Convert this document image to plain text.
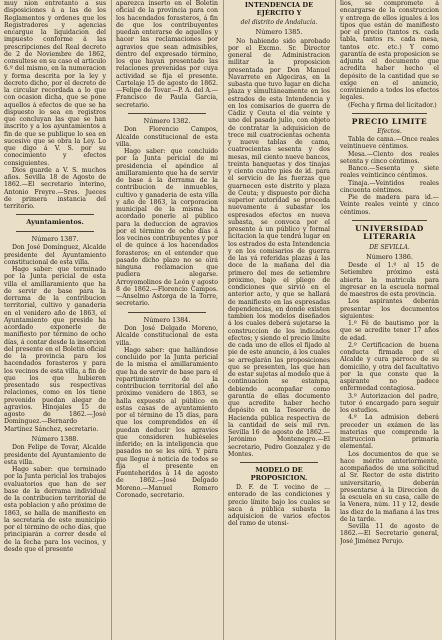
muy nion entretanto a sus disposiciones á a las de los Reglamentos y ordenes que los Registradores y agencias encargue la liquidacion del impuesto conforme á las prescripciones del Real decreto de 2 de Noviembre de 1862, consultese en su caso el articulo 6.º del mismo, en la numeracion y forma descrita por la ley y decreto dicho, por el decreto de la circular recordada a lo que con ocasion dicha, que se pone aquellos á efectos de que se ha dispuesto lo sea en registros que concluyan las que se han inscrito y a los ayuntamientos a fin de que se publique lo sea en sucesivo que se obra la Ley. Lo que digo á V. S. por su conocimiento y efectos consiguientes.

Dios guarde a V. S. muchos años. Sevilla 18 de Agosto de 1862.—El secretario interino, Antonio Freyre.—Sres. Jueces de primera instancia del territorio.

Ayuntamientos.
Número 1387.

Don José Domínguez, Alcalde presidente del Ayuntamiento constitucional de esta villa.

Hago saber: que terminado por la Junta pericial de esta villa el amillaramiento que ha de servir de base para la derrama de la contribucion territorial, cultivo y ganaderia en el venidero año de 1863, el Ayuntamiento que preside ha acordado exponerle de manifiesto por término de ocho días, á contar desde la insercion del presente en el Boletin oficial de la provincia para los hacendados forasteros y para los vecinos de esta villa, a fin de que los que hubieren presentado sus respectivas relaciones, como en los tiene prevenido puedan alegar de agravios. Hinojales 15 de agosto de 1862.—José Domínguez.—Bernardo Martínez Sánchez, secretario.

Número 1388.

Don Felipe de Tovar, Alcalde presidente del Ayuntamiento de esta villa.

Hago saber: que terminado por la Junta pericial los trabajos evaluatorios que han de ser base de la derrama individual de la contribucion territorial de esta poblacion y año próximo de 1863, se halla de manifiesto en la secretaría de este municipio por el término de ocho días, que principiarán a correr desde el de la fecha para los vecinos, y desde que el presente

aparezca inserto en el Boletin oficial de la provincia para con los hacendados forasteros, á fin de que los contribuyentes puedan enterarse de aquellos y hacer las reclamaciones por agravios que sean admisibles, dentro del expresado término, los que hayan presentado las relaciones prevenidas por cuya actividad se fija el presente. Cartelaje 15 de agosto de 1862.—Felipe de Tovar.—P. A. del A.—Francisco de Paula García, secretario.

Número 1382.

Don Florencio Campos, Alcalde constitucional de esta villa.

Hago saber: que concluido por la Junta pericial de mi presidencia el apéndice al amillaramiento que ha de servir de base á la derrama de la contribucion de inmuebles, cultivo y ganaderia de esta villa y año de 1863, la corporacion municipal de la misma ha acordado ponerle al público para la deduccion de agravios por el término de ocho días á los vecinos contribuyentes y por el de quince á los hacendados forasteros; en el entender que pasado dicho plazo no se oirá ninguna reclamacion que pudiera alegarse. Arroyomolinos de León y agosto 8 de 1862.—Florencio Campos.—Anselmo Astorga de la Torre, secretario.

Número 1384.

Don José Delgado Moreno, Alcalde constitucional de esta villa.

Hago saber: que hallándose concluido por la Junta pericial de la misma el amillaramiento que ha de servir de base para el repartimiento de la contribucion territorial del año próximo venidero de 1863, se halla expuesto al público en estas casas de ayuntamiento por el término de 15 días, para que los comprendidos en él puedan deducir los agravios que consideren hubiéseles inferido; en la inteligencia que pasados no se les oirá. Y para que llegue á noticia de todos se fija el presente en Fuenteheridos á 14 de agosto de 1862.—José Delgado Moreno.—Manuel Romero Coronado, secretario.

INTENDENCIA DE EJÉRCITO Y
del distrito de Andalucía.
Número 1385.

No habiendo sido aprobado por el Excmo. Sr. Director general de Administracion militar la proposicion presentada por Don Manuel Navarrete en Algeciras, en la subasta que tuvo lugar en dicha plaza y simultáneamente en los estrados de esta Intendencia y en los comisarios de guerra de Cádiz y Ceuta el dia veinte y uno del pasado julio, con objeto de contratar la adquisicion de trece mil cuatrocientas ochenta y nueve tablas de cama, cuatrocientas sesenta y dos mesas, mil ciento nueve bancos, treinta banquetas y dos tinajas y ciento cuatro pies de id. para el servicio de las fuerzas que guarnecen este distrito y plaza de Ceuta; y dispuesto por dicha superior autoridad se proceda nuevamente á subastar los espresados efectos en nueva subasta, se convoca por el presente á un público y formal licitacion la que tendrá lugar en los estrados de esta Intendencia y en los comisarios de guerra de las yá referidas plazas á las doce de la mañana del dia primero del mes de setiembre próximo, bajo el pliego de condiciones que sirvió en el anterior acto, y que se hallará de manifiesto en las espresadas dependencias, en donde existen tambien los modelos diseñados á los cuales deberá sujetarse la construccion de los indicados efectos; y siendo el precio límite de cada uno de ellos el fijado al pie de este anuncio, á los cuales se arreglarán las proposiciones que se presenten, las que han de estar sujetas al modelo que á continuacion se estampa, debiendo acompañar como garantía de ellas documento que acredite haber hecho depósito en la Tesorería de Hacienda pública respectiva de la cantidad de seis mil rvn. Sevilla 16 de agosto de 1862.—Jerónimo Montenegro.—El secretario, Pedro Gonzalez y de Montes.

MODELO DE PROPOSICION.

D. F. de T. vecino de ... enterado de las condiciones y precio límite bajo los cuales se saca á pública subasta la adquisicion de varios efectos del ramo de utensi-

lios, se compromete á encargarse de la construccion y entrega de ellos iguales á los tipos que están de manifiesto por el precio (tantos rs. cada tabla, tantos rs. cada mesa, tantos etc. etc.) Y como garantía de esta proposicion se adjunta el documento que acredita haber hecho el depósito de la cantidad que se exige en el anuncio, conviniendo a todos los efectos legales.

(Fecha y firma del licitador.)

PRECIO LIMITE
Efectos.

Tabla de cama.—Once reales veintinueve céntimos.

Mesa.—Ciento dos reales setenta y cinco céntimos.

Banco.—Sesenta y siete reales veinticinco céntimos.

Tinaja.—Veintidos reales cincuenta céntimos.

Pie de madera para id.—Veinte reales veinte y cinco céntimos.

UNIVERSIDAD LITERARIA
DE SEVILLA.
Número 1386.

Desde el 1.º al 15 de Setiembre próximo está abierta la matricula para ingresar en la escuela normal de maestros de esta provincia.

Los aspirantes deberán presentar los documentos siguientes:

1.º Fé de bautismo por la que se acredite tener 17 años de edad.

2.º Certificacion de buena conducta firmada por el Alcalde y cura párroco de su domicilio, y otra del facultativo por la que conste que la aspirante no padece enfermedad contagiosa.

3.º Autorizacion del padre, tutor ó encargado para seguir los estudios.

4.º La admision deberá preceder un exámen de las materias que comprende la instruccion primaria elemental.

Los documentos de que se hace mérito anteriormente, acompañados de una solicitud al Sr. Rector de este distrito universitario, deberán presentarse á la Direccion de la escuela en su casa, calle de la Venera, núm. 11 y 12, desde las diez de la mañana á las tres de la tarde.

Sevilla 11 de agosto de 1862.—El Secretario general, José Jiménez Perujo.
